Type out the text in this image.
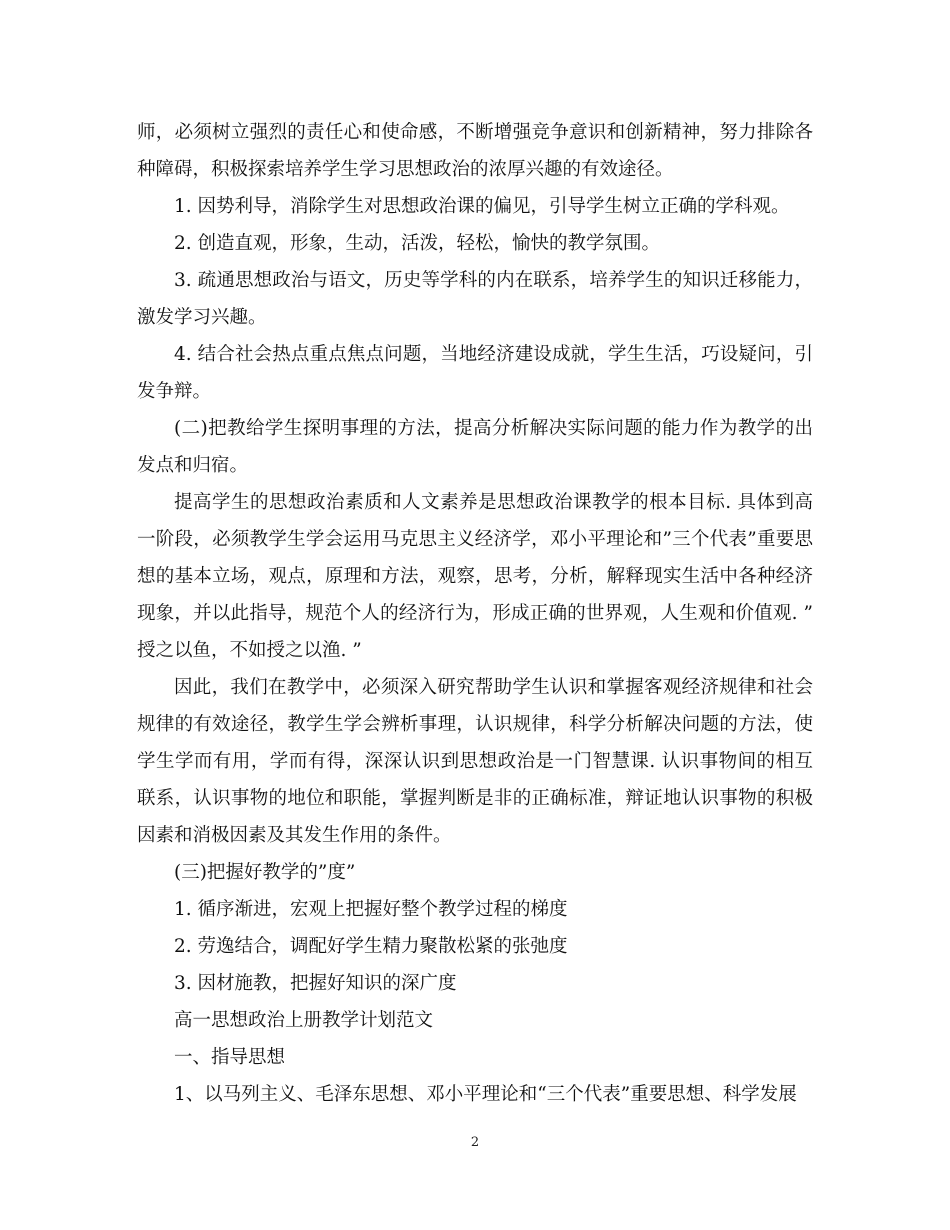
师，必须树立强烈的责任心和使命感，不断增强竞争意识和创新精神，努力排除各种障碍，积极探索培养学生学习思想政治的浓厚兴趣的有效途径。

1. 因势利导，消除学生对思想政治课的偏见，引导学生树立正确的学科观。

2. 创造直观，形象，生动，活泼，轻松，愉快的教学氛围。

3. 疏通思想政治与语文，历史等学科的内在联系，培养学生的知识迁移能力，激发学习兴趣。

4. 结合社会热点重点焦点问题，当地经济建设成就，学生生活，巧设疑问，引发争辩。

(二)把教给学生探明事理的方法，提高分析解决实际问题的能力作为教学的出发点和归宿。

提高学生的思想政治素质和人文素养是思想政治课教学的根本目标. 具体到高一阶段，必须教学生学会运用马克思主义经济学，邓小平理论和”三个代表”重要思想的基本立场，观点，原理和方法，观察，思考，分析，解释现实生活中各种经济现象，并以此指导，规范个人的经济行为，形成正确的世界观，人生观和价值观. ” 授之以鱼，不如授之以渔. ”

因此，我们在教学中，必须深入研究帮助学生认识和掌握客观经济规律和社会规律的有效途径，教学生学会辨析事理，认识规律，科学分析解决问题的方法，使学生学而有用，学而有得，深深认识到思想政治是一门智慧课. 认识事物间的相互联系，认识事物的地位和职能，掌握判断是非的正确标准，辩证地认识事物的积极因素和消极因素及其发生作用的条件。

(三)把握好教学的”度”

1. 循序渐进，宏观上把握好整个教学过程的梯度

2. 劳逸结合，调配好学生精力聚散松紧的张弛度

3. 因材施教，把握好知识的深广度

高一思想政治上册教学计划范文

一、指导思想

1、以马列主义、毛泽东思想、邓小平理论和“三个代表”重要思想、科学发展

2
